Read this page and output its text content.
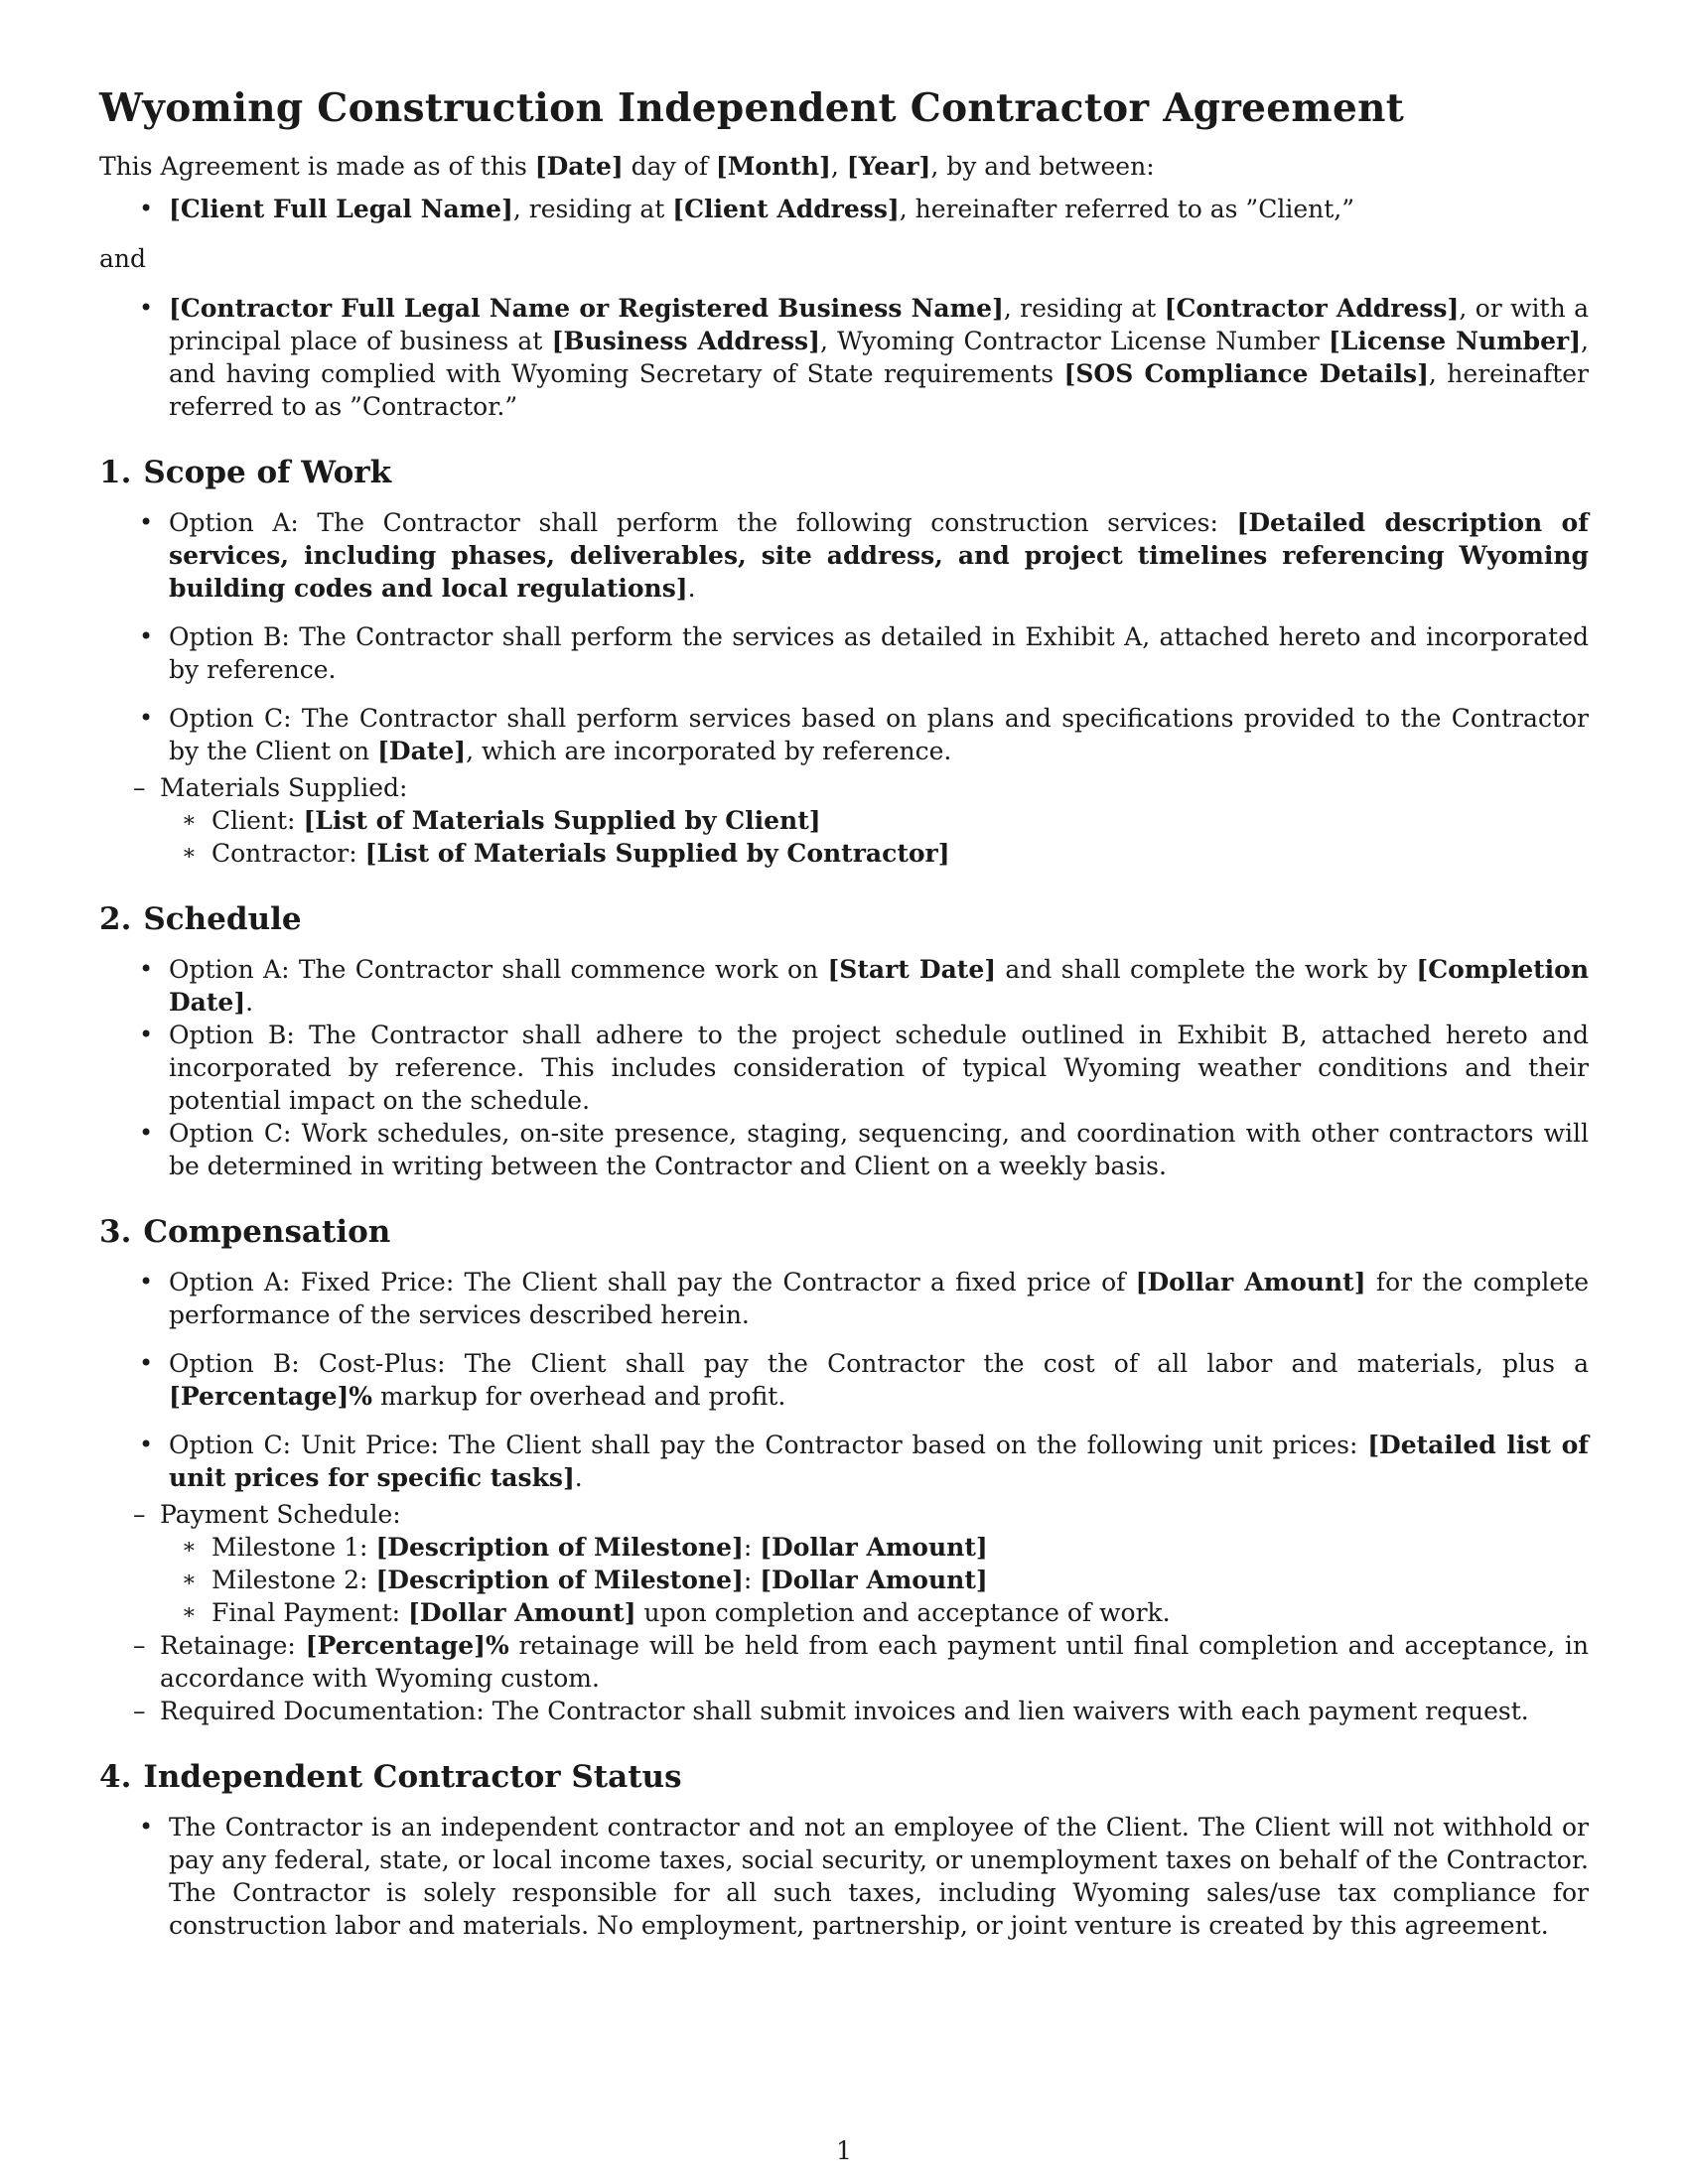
Wyoming Construction Independent Contractor Agreement

This Agreement is made as of this [Date] day of [Month], [Year], by and between:

• [Client Full Legal Name], residing at [Client Address], hereinafter referred to as ”Client,”

and

• [Contractor Full Legal Name or Registered Business Name], residing at [Contractor Address], or with a principal place of business at [Business Address], Wyoming Contractor License Number [License Number], and having complied with Wyoming Secretary of State requirements [SOS Compliance Details], hereinafter referred to as ”Contractor.”
1. Scope of Work
• Option A: The Contractor shall perform the following construction services: [Detailed description of services, including phases, deliverables, site address, and project timelines referencing Wyoming building codes and local regulations].
• Option B: The Contractor shall perform the services as detailed in Exhibit A, attached hereto and incorporated by reference.
• Option C: The Contractor shall perform services based on plans and specifications provided to the Contractor by the Client on [Date], which are incorporated by reference.
– Materials Supplied:
∗ Client: [List of Materials Supplied by Client]
∗ Contractor: [List of Materials Supplied by Contractor]
2. Schedule
• Option A: The Contractor shall commence work on [Start Date] and shall complete the work by [Completion Date].
• Option B: The Contractor shall adhere to the project schedule outlined in Exhibit B, attached hereto and incorporated by reference. This includes consideration of typical Wyoming weather conditions and their potential impact on the schedule.
• Option C: Work schedules, on-site presence, staging, sequencing, and coordination with other contractors will be determined in writing between the Contractor and Client on a weekly basis.
3. Compensation
• Option A: Fixed Price: The Client shall pay the Contractor a fixed price of [Dollar Amount] for the complete performance of the services described herein.
• Option B: Cost-Plus: The Client shall pay the Contractor the cost of all labor and materials, plus a [Percentage]% markup for overhead and profit.
• Option C: Unit Price: The Client shall pay the Contractor based on the following unit prices: [Detailed list of unit prices for specific tasks].
– Payment Schedule:
∗ Milestone 1: [Description of Milestone]: [Dollar Amount]
∗ Milestone 2: [Description of Milestone]: [Dollar Amount]
∗ Final Payment: [Dollar Amount] upon completion and acceptance of work.
– Retainage: [Percentage]% retainage will be held from each payment until final completion and acceptance, in accordance with Wyoming custom.
– Required Documentation: The Contractor shall submit invoices and lien waivers with each payment request.
4. Independent Contractor Status
• The Contractor is an independent contractor and not an employee of the Client. The Client will not withhold or pay any federal, state, or local income taxes, social security, or unemployment taxes on behalf of the Contractor. The Contractor is solely responsible for all such taxes, including Wyoming sales/use tax compliance for construction labor and materials. No employment, partnership, or joint venture is created by this agreement.
1
